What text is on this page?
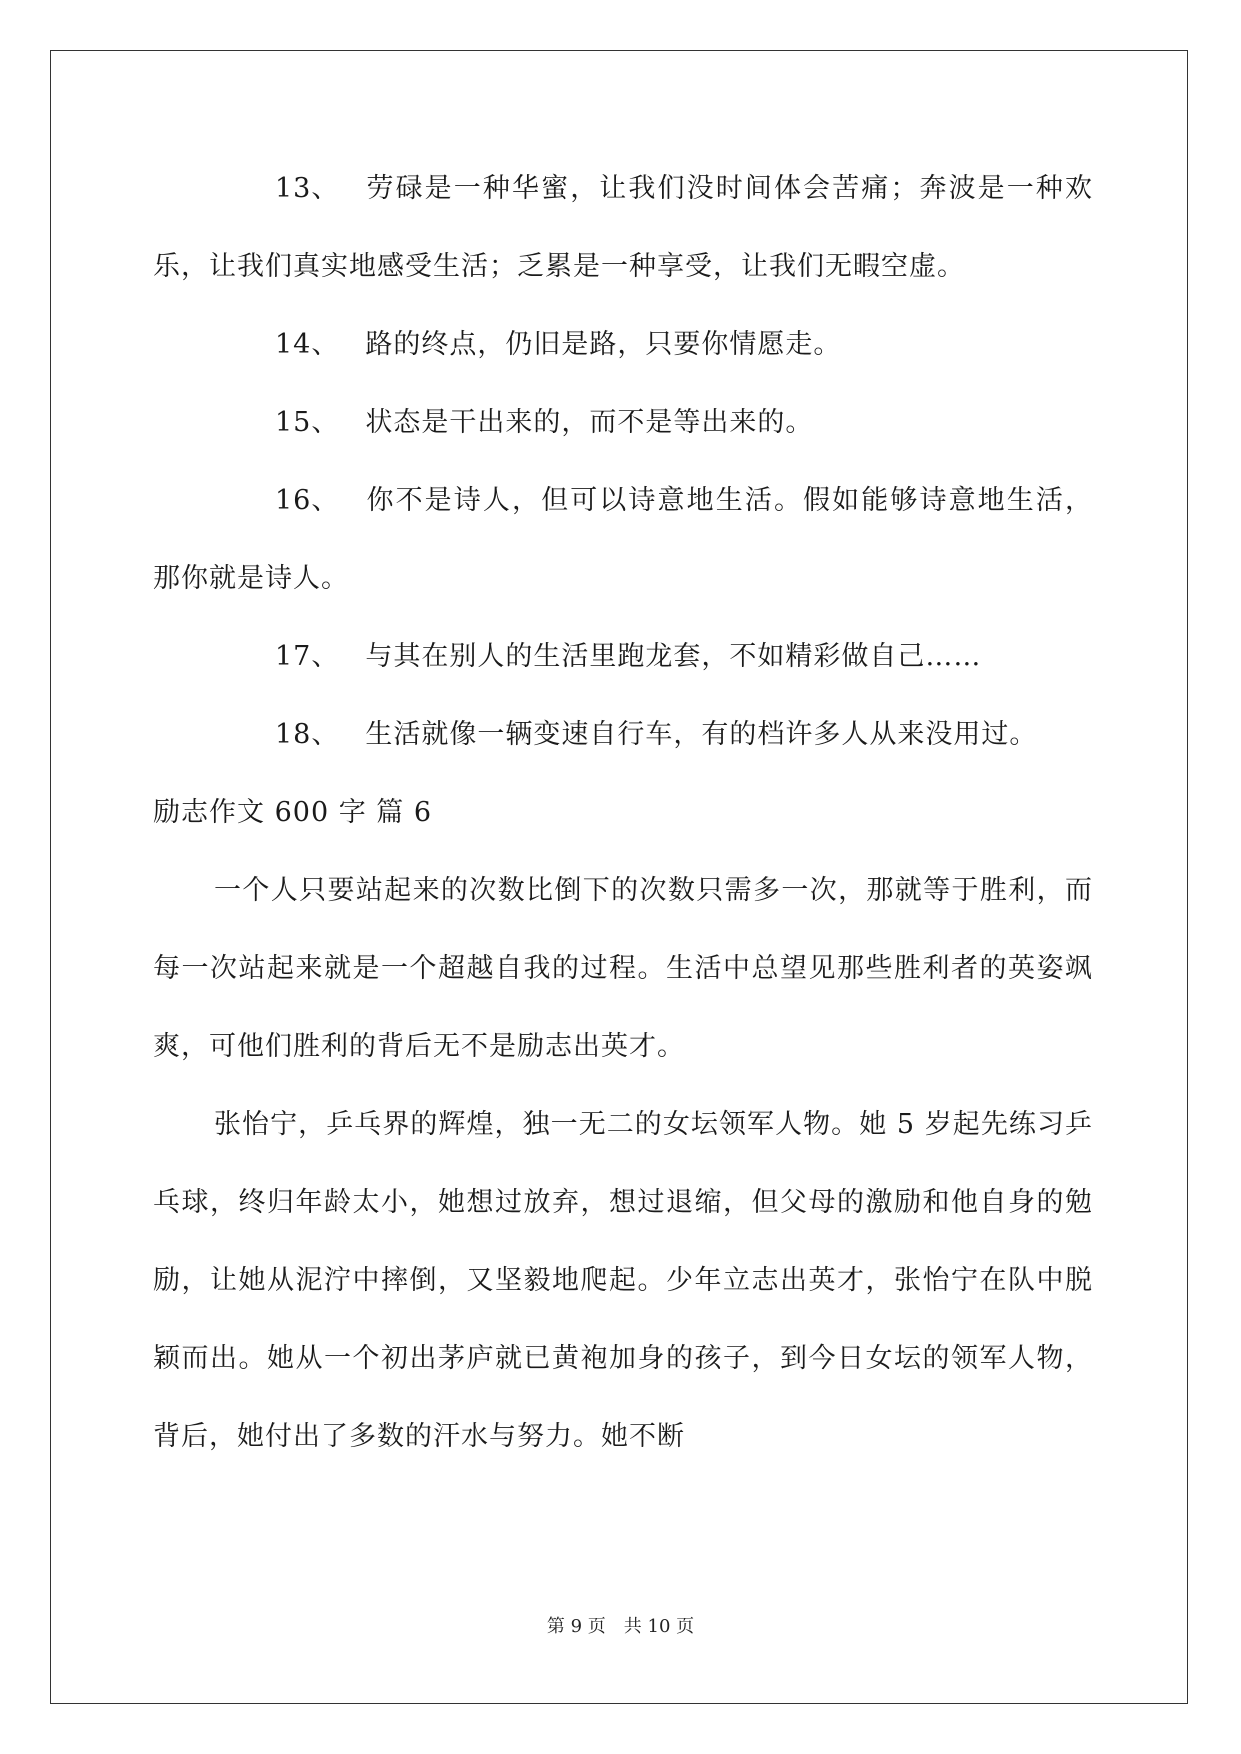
13、 劳碌是一种华蜜，让我们没时间体会苦痛；奔波是一种欢乐，让我们真实地感受生活；乏累是一种享受，让我们无暇空虚。

14、 路的终点，仍旧是路，只要你情愿走。

15、 状态是干出来的，而不是等出来的。

16、 你不是诗人，但可以诗意地生活。假如能够诗意地生活，那你就是诗人。

17、 与其在别人的生活里跑龙套，不如精彩做自己……

18、 生活就像一辆变速自行车，有的档许多人从来没用过。

励志作文 600 字 篇 6

一个人只要站起来的次数比倒下的次数只需多一次，那就等于胜利，而每一次站起来就是一个超越自我的过程。生活中总望见那些胜利者的英姿飒爽，可他们胜利的背后无不是励志出英才。

张怡宁，乒乓界的辉煌，独一无二的女坛领军人物。她 5 岁起先练习乒乓球，终归年龄太小，她想过放弃，想过退缩，但父母的激励和他自身的勉励，让她从泥泞中摔倒，又坚毅地爬起。少年立志出英才，张怡宁在队中脱颖而出。她从一个初出茅庐就已黄袍加身的孩子，到今日女坛的领军人物，背后，她付出了多数的汗水与努力。她不断

第 9 页 共 10 页
